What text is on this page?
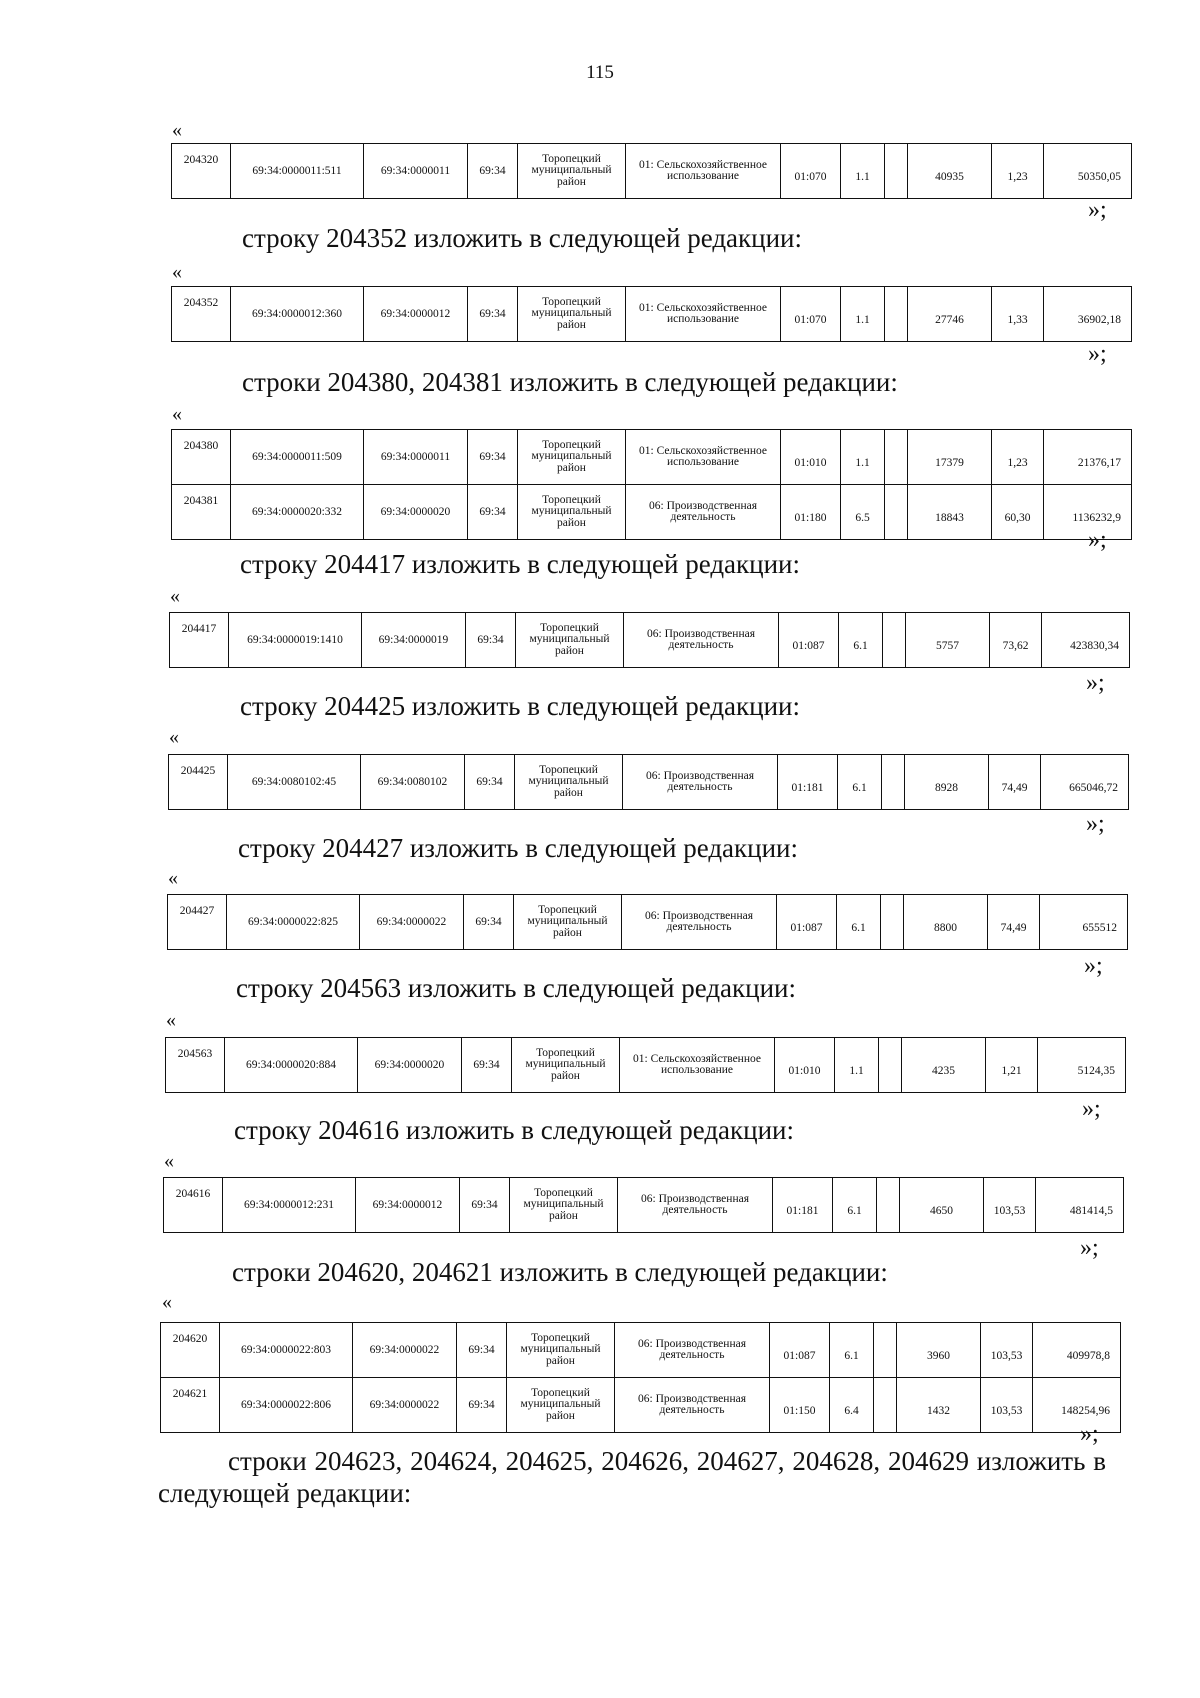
115
«
204320	69:34:0000011:511	69:34:0000011	69:34	Торопецкий муниципальный район	01: Сельскохозяйственное использование	01:070	1.1		40935	1,23	50350,05
»;
строку 204352 изложить в следующей редакции:
«
204352	69:34:0000012:360	69:34:0000012	69:34	Торопецкий муниципальный район	01: Сельскохозяйственное использование	01:070	1.1		27746	1,33	36902,18
»;
строки 204380, 204381 изложить в следующей редакции:
«
204380	69:34:0000011:509	69:34:0000011	69:34	Торопецкий муниципальный район	01: Сельскохозяйственное использование	01:010	1.1		17379	1,23	21376,17
204381	69:34:0000020:332	69:34:0000020	69:34	Торопецкий муниципальный район	06: Производственная деятельность	01:180	6.5		18843	60,30	1136232,9
»;
строку 204417 изложить в следующей редакции:
«
204417	69:34:0000019:1410	69:34:0000019	69:34	Торопецкий муниципальный район	06: Производственная деятельность	01:087	6.1		5757	73,62	423830,34
»;
строку 204425 изложить в следующей редакции:
«
204425	69:34:0080102:45	69:34:0080102	69:34	Торопецкий муниципальный район	06: Производственная деятельность	01:181	6.1		8928	74,49	665046,72
»;
строку 204427 изложить в следующей редакции:
«
204427	69:34:0000022:825	69:34:0000022	69:34	Торопецкий муниципальный район	06: Производственная деятельность	01:087	6.1		8800	74,49	655512
»;
строку 204563 изложить в следующей редакции:
«
204563	69:34:0000020:884	69:34:0000020	69:34	Торопецкий муниципальный район	01: Сельскохозяйственное использование	01:010	1.1		4235	1,21	5124,35
»;
строку 204616 изложить в следующей редакции:
«
204616	69:34:0000012:231	69:34:0000012	69:34	Торопецкий муниципальный район	06: Производственная деятельность	01:181	6.1		4650	103,53	481414,5
»;
строки 204620, 204621 изложить в следующей редакции:
«
204620	69:34:0000022:803	69:34:0000022	69:34	Торопецкий муниципальный район	06: Производственная деятельность	01:087	6.1		3960	103,53	409978,8
204621	69:34:0000022:806	69:34:0000022	69:34	Торопецкий муниципальный район	06: Производственная деятельность	01:150	6.4		1432	103,53	148254,96
»;
строки 204623, 204624, 204625, 204626, 204627, 204628, 204629 изложить в следующей редакции:
